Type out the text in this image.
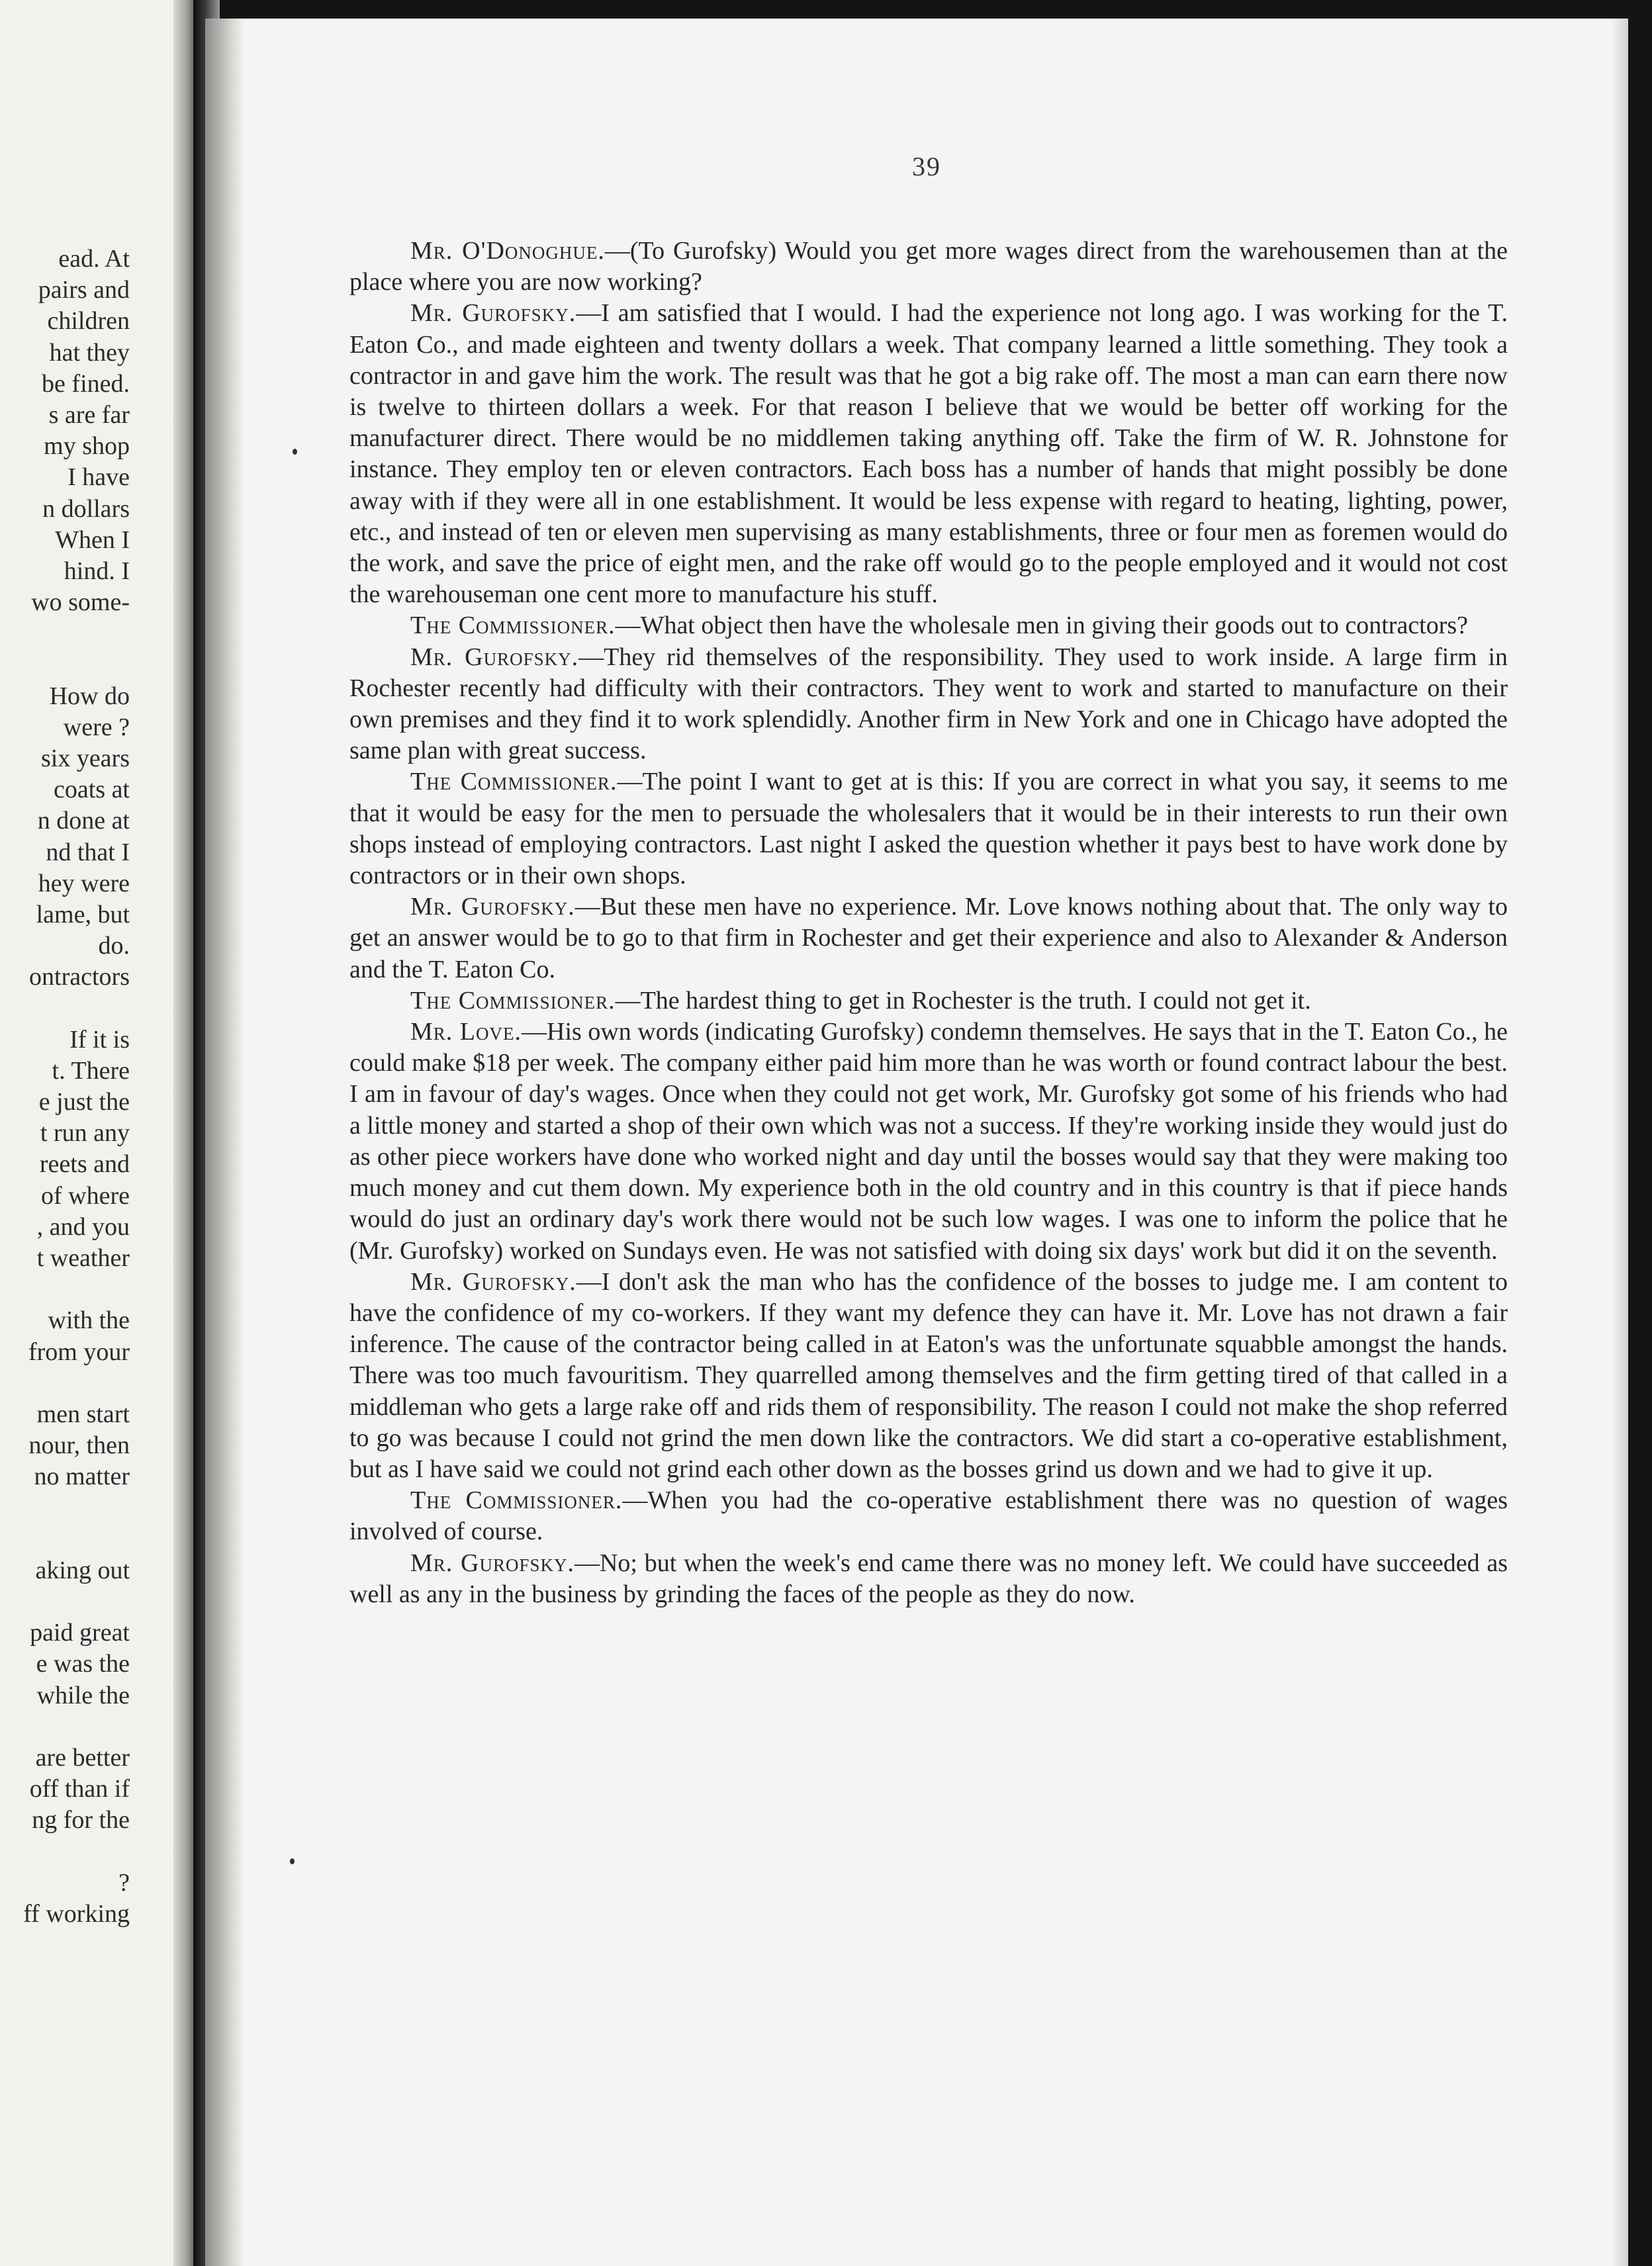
ead. At
pairs and
children
hat they
be fined.
s are far
my shop
I have
n dollars
When I
hind. I
wo some-
How do
were ?
six years
coats at
n done at
nd that I
hey were
lame, but
do.
ontractors
If it is
t. There
e just the
t run any
reets and
of where
, and you
t weather
with the
from your
men start
nour, then
no matter
aking out
paid great
e was the
while the
are better
off than if
ng for the
?
ff working
39

Mr. O'Donoghue.—(To Gurofsky) Would you get more wages direct from the warehousemen than at the place where you are now working?

Mr. Gurofsky.—I am satisfied that I would. I had the experience not long ago. I was working for the T. Eaton Co., and made eighteen and twenty dollars a week. That company learned a little something. They took a contractor in and gave him the work. The result was that he got a big rake off. The most a man can earn there now is twelve to thirteen dollars a week. For that reason I believe that we would be better off working for the manufacturer direct. There would be no middlemen taking anything off. Take the firm of W. R. Johnstone for instance. They employ ten or eleven contractors. Each boss has a number of hands that might possibly be done away with if they were all in one establishment. It would be less expense with regard to heating, lighting, power, etc., and instead of ten or eleven men supervising as many establishments, three or four men as foremen would do the work, and save the price of eight men, and the rake off would go to the people employed and it would not cost the warehouseman one cent more to manufacture his stuff.

The Commissioner.—What object then have the wholesale men in giving their goods out to contractors?

Mr. Gurofsky.—They rid themselves of the responsibility. They used to work inside. A large firm in Rochester recently had difficulty with their contractors. They went to work and started to manufacture on their own premises and they find it to work splendidly. Another firm in New York and one in Chicago have adopted the same plan with great success.

The Commissioner.—The point I want to get at is this: If you are correct in what you say, it seems to me that it would be easy for the men to persuade the wholesalers that it would be in their interests to run their own shops instead of employing contractors. Last night I asked the question whether it pays best to have work done by contractors or in their own shops.

Mr. Gurofsky.—But these men have no experience. Mr. Love knows nothing about that. The only way to get an answer would be to go to that firm in Rochester and get their experience and also to Alexander & Anderson and the T. Eaton Co.

The Commissioner.—The hardest thing to get in Rochester is the truth. I could not get it.

Mr. Love.—His own words (indicating Gurofsky) condemn themselves. He says that in the T. Eaton Co., he could make $18 per week. The company either paid him more than he was worth or found contract labour the best. I am in favour of day's wages. Once when they could not get work, Mr. Gurofsky got some of his friends who had a little money and started a shop of their own which was not a success. If they're working inside they would just do as other piece workers have done who worked night and day until the bosses would say that they were making too much money and cut them down. My experience both in the old country and in this country is that if piece hands would do just an ordinary day's work there would not be such low wages. I was one to inform the police that he (Mr. Gurofsky) worked on Sundays even. He was not satisfied with doing six days' work but did it on the seventh.

Mr. Gurofsky.—I don't ask the man who has the confidence of the bosses to judge me. I am content to have the confidence of my co-workers. If they want my defence they can have it. Mr. Love has not drawn a fair inference. The cause of the contractor being called in at Eaton's was the unfortunate squabble amongst the hands. There was too much favouritism. They quarrelled among themselves and the firm getting tired of that called in a middleman who gets a large rake off and rids them of responsibility. The reason I could not make the shop referred to go was because I could not grind the men down like the contractors. We did start a co-operative establishment, but as I have said we could not grind each other down as the bosses grind us down and we had to give it up.

The Commissioner.—When you had the co-operative establishment there was no question of wages involved of course.

Mr. Gurofsky.—No; but when the week's end came there was no money left. We could have succeeded as well as any in the business by grinding the faces of the people as they do now.
